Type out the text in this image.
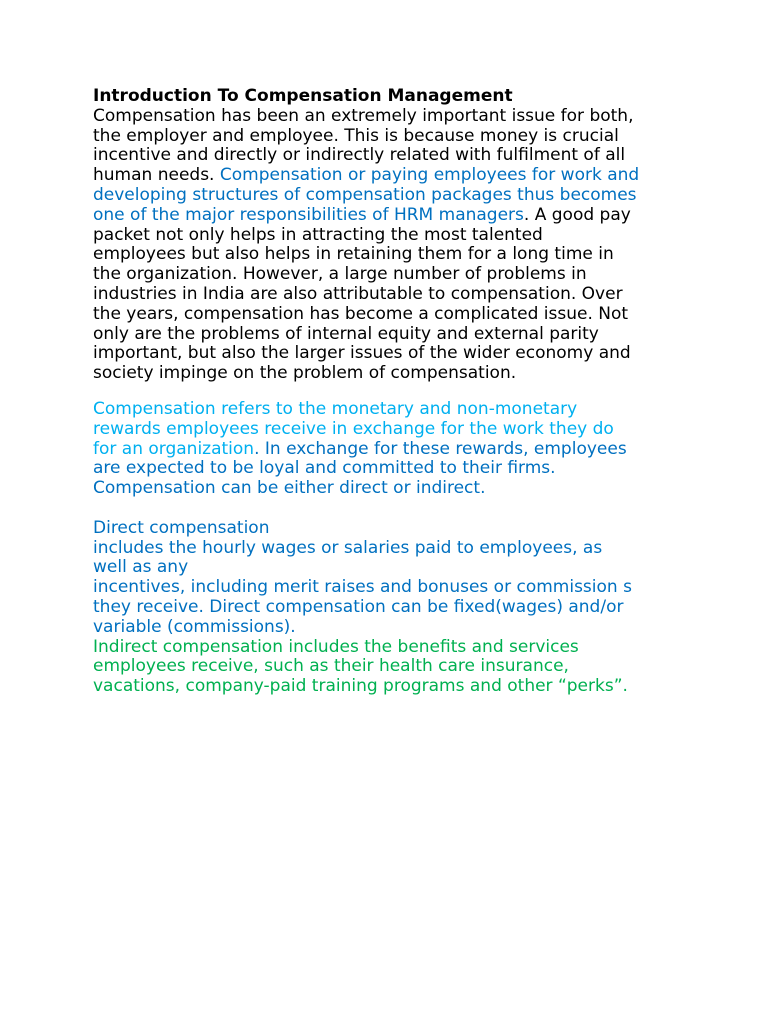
Introduction To Compensation Management
Compensation has been an extremely important issue for both,
the employer and employee. This is because money is crucial
incentive and directly or indirectly related with fulfilment of all
human needs. Compensation or paying employees for work and
developing structures of compensation packages thus becomes
one of the major responsibilities of HRM managers. A good pay
packet not only helps in attracting the most talented
employees but also helps in retaining them for a long time in
the organization. However, a large number of problems in
industries in India are also attributable to compensation. Over
the years, compensation has become a complicated issue. Not
only are the problems of internal equity and external parity
important, but also the larger issues of the wider economy and
society impinge on the problem of compensation.
Compensation refers to the monetary and non-monetary
rewards employees receive in exchange for the work they do
for an organization. In exchange for these rewards, employees
are expected to be loyal and committed to their firms.
Compensation can be either direct or indirect.
Direct compensation
includes the hourly wages or salaries paid to employees, as
well as any
incentives, including merit raises and bonuses or commission s
they receive. Direct compensation can be fixed(wages) and/or
variable (commissions).
Indirect compensation includes the benefits and services
employees receive, such as their health care insurance,
vacations, company-paid training programs and other “perks”.
